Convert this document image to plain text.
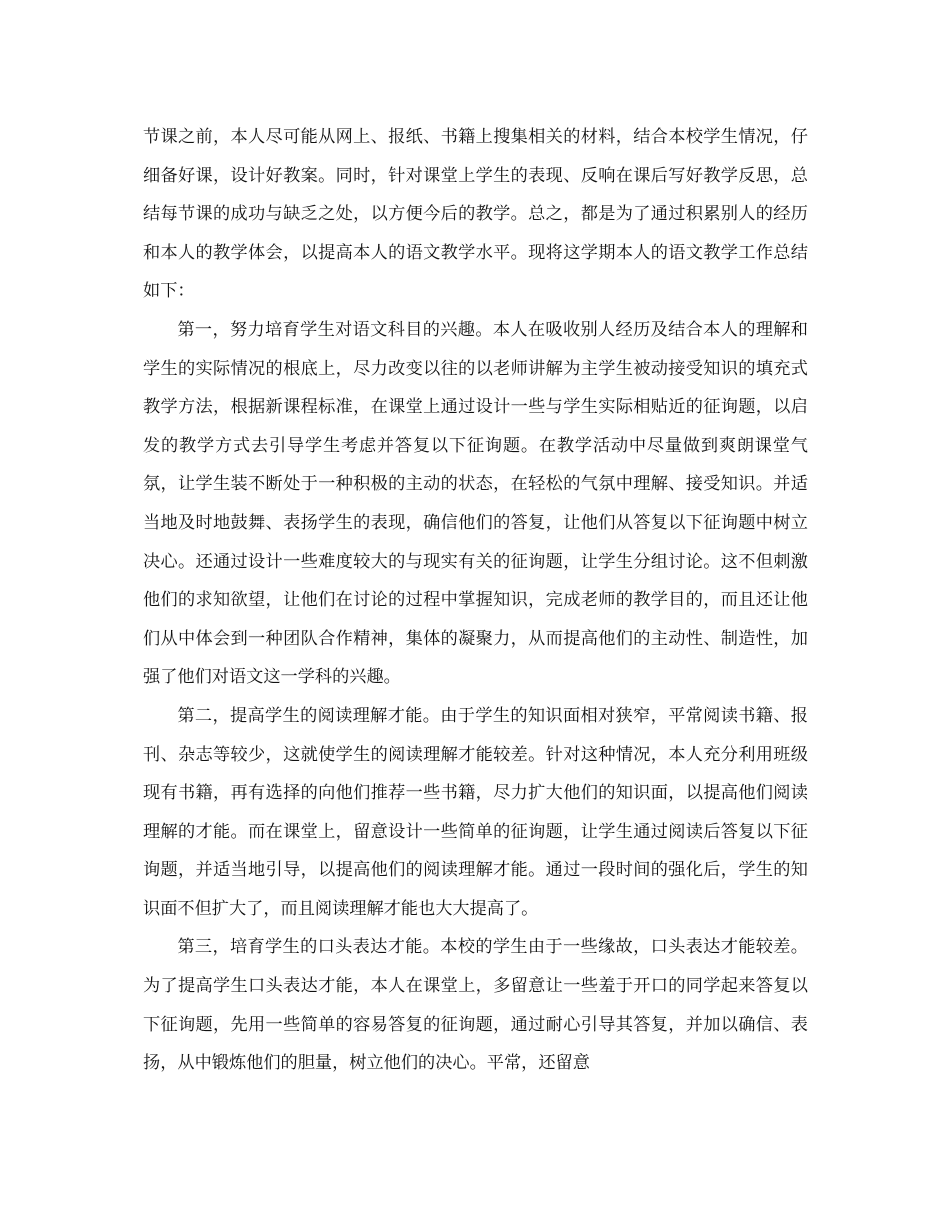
节课之前，本人尽可能从网上、报纸、书籍上搜集相关的材料，结合本校学生情况，仔细备好课，设计好教案。同时，针对课堂上学生的表现、反响在课后写好教学反思，总结每节课的成功与缺乏之处，以方便今后的教学。总之，都是为了通过积累别人的经历和本人的教学体会，以提高本人的语文教学水平。现将这学期本人的语文教学工作总结如下：

第一，努力培育学生对语文科目的兴趣。本人在吸收别人经历及结合本人的理解和学生的实际情况的根底上，尽力改变以往的以老师讲解为主学生被动接受知识的填充式教学方法，根据新课程标准，在课堂上通过设计一些与学生实际相贴近的征询题，以启发的教学方式去引导学生考虑并答复以下征询题。在教学活动中尽量做到爽朗课堂气氛，让学生装不断处于一种积极的主动的状态，在轻松的气氛中理解、接受知识。并适当地及时地鼓舞、表扬学生的表现，确信他们的答复，让他们从答复以下征询题中树立决心。还通过设计一些难度较大的与现实有关的征询题，让学生分组讨论。这不但刺激他们的求知欲望，让他们在讨论的过程中掌握知识，完成老师的教学目的，而且还让他们从中体会到一种团队合作精神，集体的凝聚力，从而提高他们的主动性、制造性，加强了他们对语文这一学科的兴趣。

第二，提高学生的阅读理解才能。由于学生的知识面相对狭窄，平常阅读书籍、报刊、杂志等较少，这就使学生的阅读理解才能较差。针对这种情况，本人充分利用班级现有书籍，再有选择的向他们推荐一些书籍，尽力扩大他们的知识面，以提高他们阅读理解的才能。而在课堂上，留意设计一些简单的征询题，让学生通过阅读后答复以下征询题，并适当地引导，以提高他们的阅读理解才能。通过一段时间的强化后，学生的知识面不但扩大了，而且阅读理解才能也大大提高了。

第三，培育学生的口头表达才能。本校的学生由于一些缘故，口头表达才能较差。为了提高学生口头表达才能，本人在课堂上，多留意让一些羞于开口的同学起来答复以下征询题，先用一些简单的容易答复的征询题，通过耐心引导其答复，并加以确信、表扬，从中锻炼他们的胆量，树立他们的决心。平常，还留意
